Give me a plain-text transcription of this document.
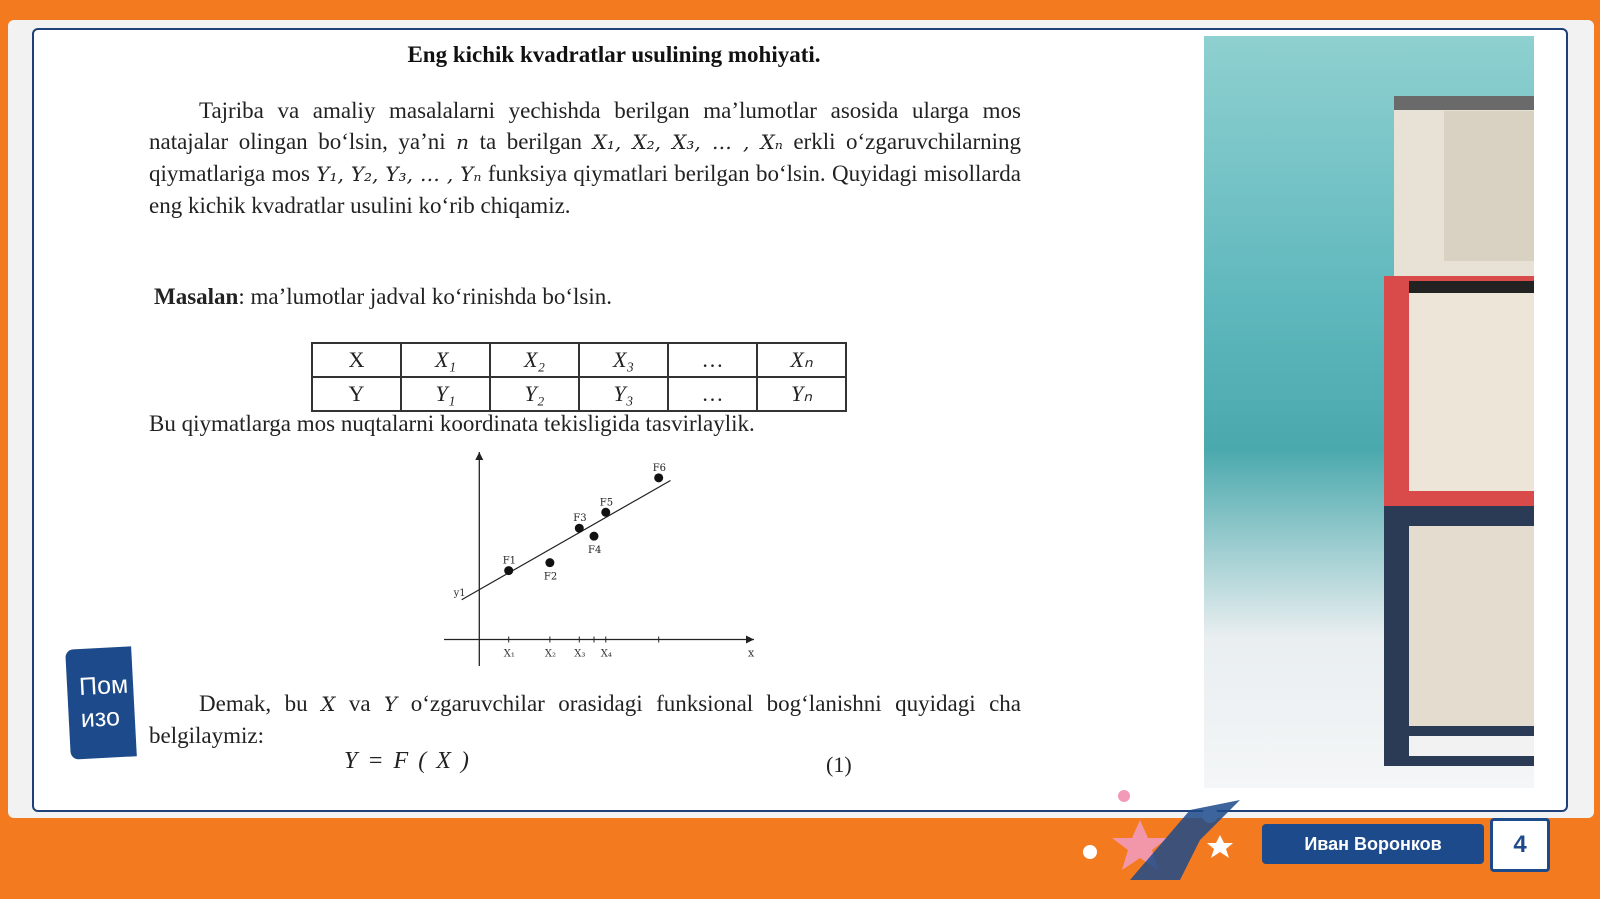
Eng kichik kvadratlar usulining mohiyati.
Tajriba va amaliy masalalarni yechishda berilgan ma’lumotlar asosida ularga mos natajalar olingan bo‘lsin, ya’ni n ta berilgan X₁, X₂, X₃, … , Xₙ erkli o‘zgaruvchilarning qiymatlariga mos Y₁, Y₂, Y₃, … , Yₙ funksiya qiymatlari berilgan bo‘lsin. Quyidagi misollarda eng kichik kvadratlar usulini ko‘rib chiqamiz.
Masalan: ma’lumotlar jadval ko‘rinishda bo‘lsin.
X	X₁	X₂	X₃	…	Xₙ
Y	Y₁	Y₂	Y₃	…	Yₙ
Bu qiymatlarga mos nuqtalarni koordinata tekisligida tasvirlaylik.
x
y1
F1
F2
F3
F4
F5
F6
X₁	X₂ X₃ X₄
Demak, bu X va Y o‘zgaruvchilar orasidagi funksional bog‘lanishni quyidagi cha belgilaymiz:
Y = F ( X )	(1)
Пом изо
Иван Воронков	4
